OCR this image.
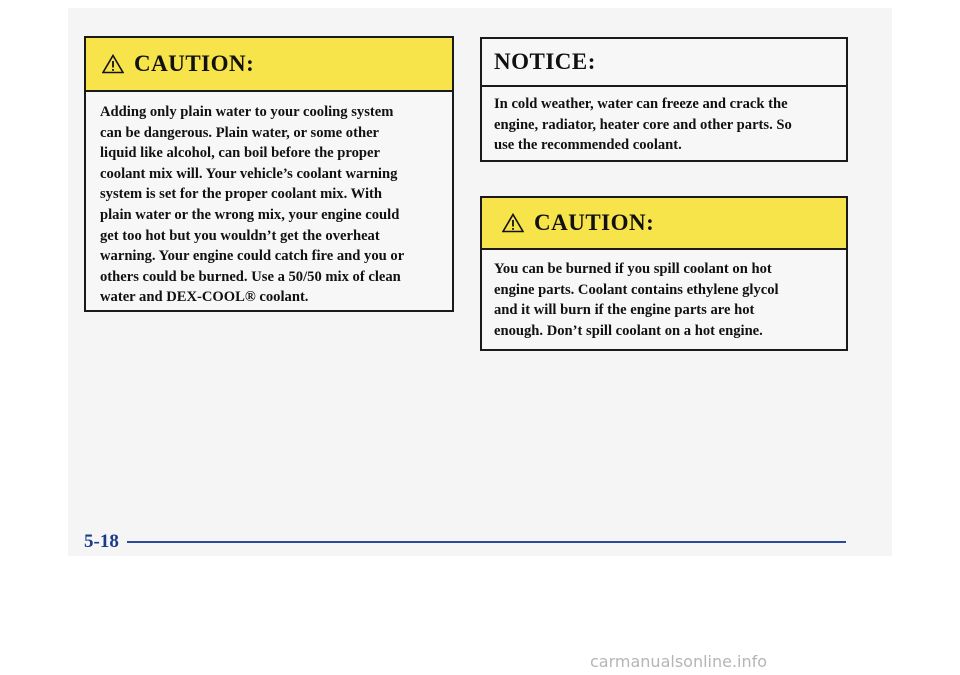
CAUTION:
Adding only plain water to your cooling system
can be dangerous. Plain water, or some other
liquid like alcohol, can boil before the proper
coolant mix will. Your vehicle’s coolant warning
system is set for the proper coolant mix. With
plain water or the wrong mix, your engine could
get too hot but you wouldn’t get the overheat
warning. Your engine could catch fire and you or
others could be burned. Use a 50/50 mix of clean
water and DEX-COOL® coolant.
NOTICE:
In cold weather, water can freeze and crack the
engine, radiator, heater core and other parts. So
use the recommended coolant.
CAUTION:
You can be burned if you spill coolant on hot
engine parts. Coolant contains ethylene glycol
and it will burn if the engine parts are hot
enough. Don’t spill coolant on a hot engine.
5-18
carmanualsonline.info
